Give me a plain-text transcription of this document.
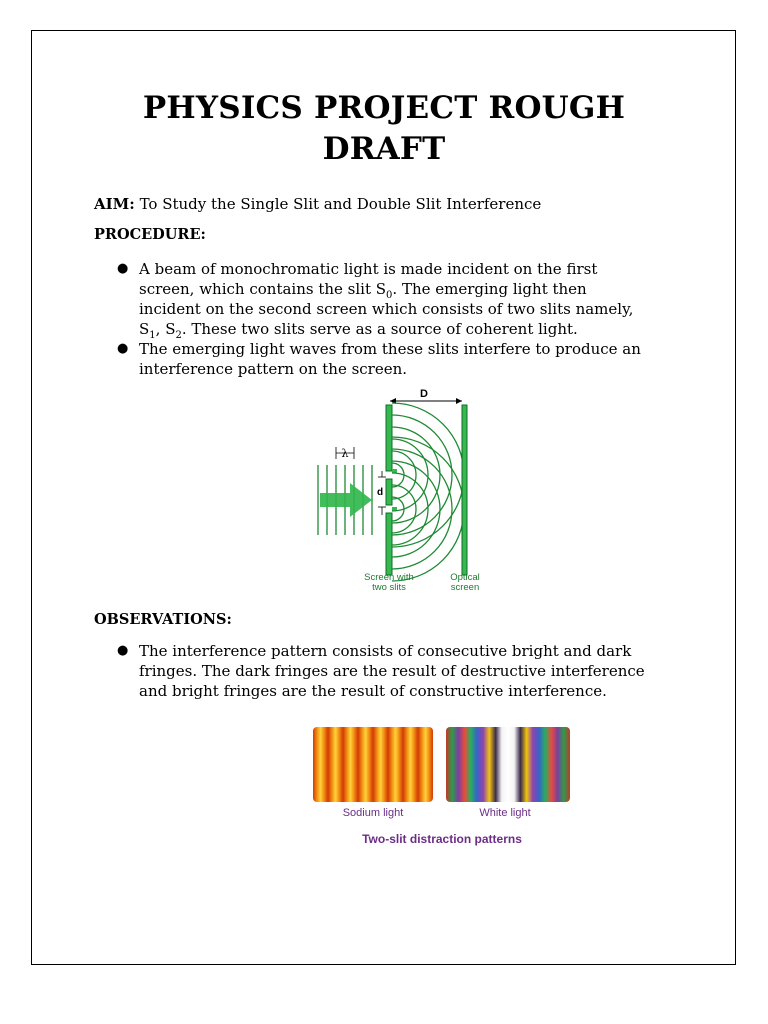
PHYSICS PROJECT ROUGH
DRAFT
AIM: To Study the Single Slit and Double Slit Interference
PROCEDURE:
● A beam of monochromatic light is made incident on the first
screen, which contains the slit $S_0$. The emerging light then
incident on the second screen which consists of two slits namely,
$S_1$, $S_2$. These two slits serve as a source of coherent light.
● The emerging light waves from these slits interfere to produce an
interference pattern on the screen.
D
λ
d
Screen with
two slits
Optical
screen
OBSERVATIONS:
● The interference pattern consists of consecutive bright and dark
fringes. The dark fringes are the result of destructive interference
and bright fringes are the result of constructive interference.
Sodium light	White light
Two-slit distraction patterns
